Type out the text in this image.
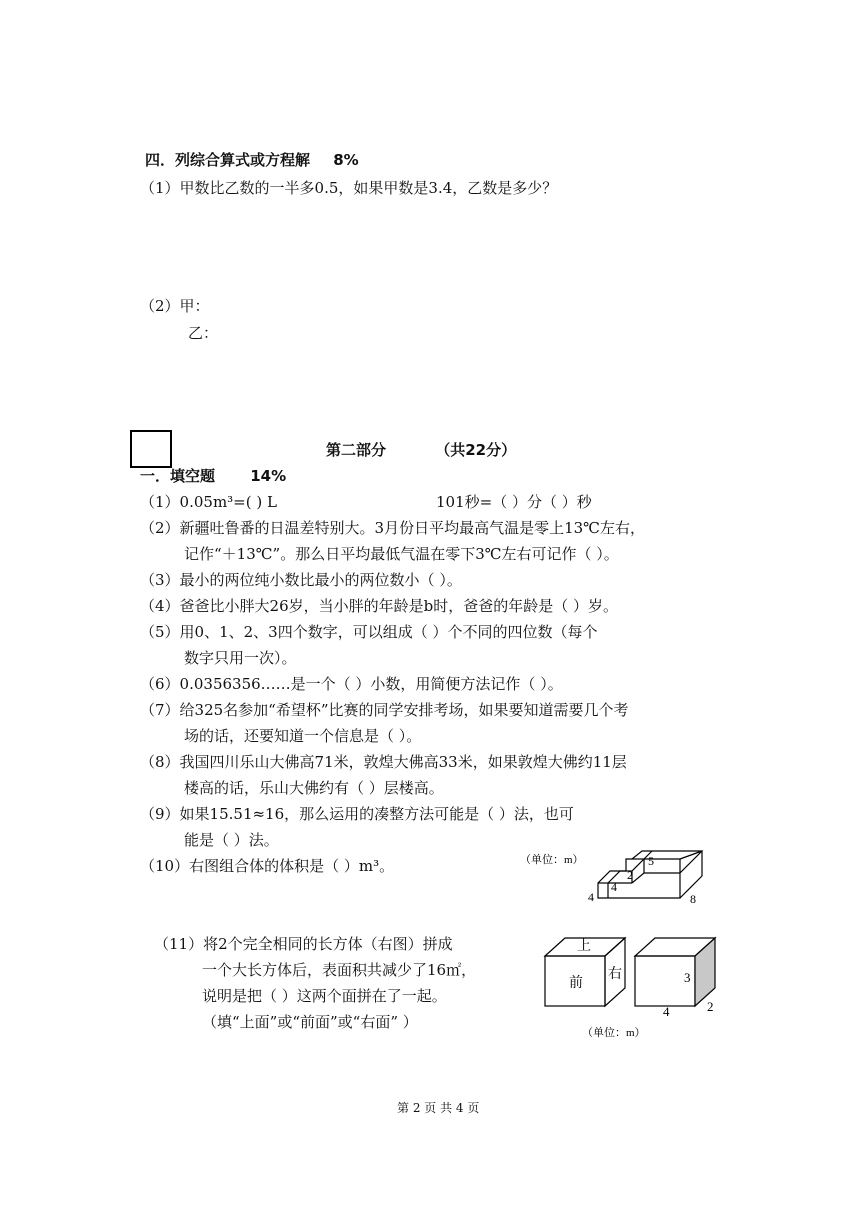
四．列综合算式或方程解 8%
（1）甲数比乙数的一半多0.5，如果甲数是3.4，乙数是多少？
（2）甲：
乙：
第二部分	（共22分）
一．填空题 14%
（1）0.05m³=( ) L	101秒=（ ）分（ ）秒
（2）新疆吐鲁番的日温差特别大。3月份日平均最高气温是零上13℃左右，
记作“＋13℃”。那么日平均最低气温在零下3℃左右可记作（ ）。
（3）最小的两位纯小数比最小的两位数小（ ）。
（4）爸爸比小胖大26岁，当小胖的年龄是b时，爸爸的年龄是（ ）岁。
（5）用0、1、2、3四个数字，可以组成（ ）个不同的四位数（每个
数字只用一次）。
（6）0.0356356……是一个（ ）小数，用简便方法记作（ ）。
（7）给325名参加“希望杯”比赛的同学安排考场，如果要知道需要几个考
场的话，还要知道一个信息是（ ）。
（8）我国四川乐山大佛高71米，敦煌大佛高33米，如果敦煌大佛约11层
楼高的话，乐山大佛约有（ ）层楼高。
（9）如果15.51≈16，那么运用的凑整方法可能是（ ）法，也可
能是（ ）法。
（10）右图组合体的体积是（ ）m³。	（单位：m）	5
2
4
4	8
（11）将2个完全相同的长方体（右图）拼成
一个大长方体后，表面积共减少了16㎡，
说明是把（ ）这两个面拼在了一起。
（填“上面”或“前面”或“右面” ）
上
前
右	3
2
4
（单位：m）
第 2 页 共 4 页
